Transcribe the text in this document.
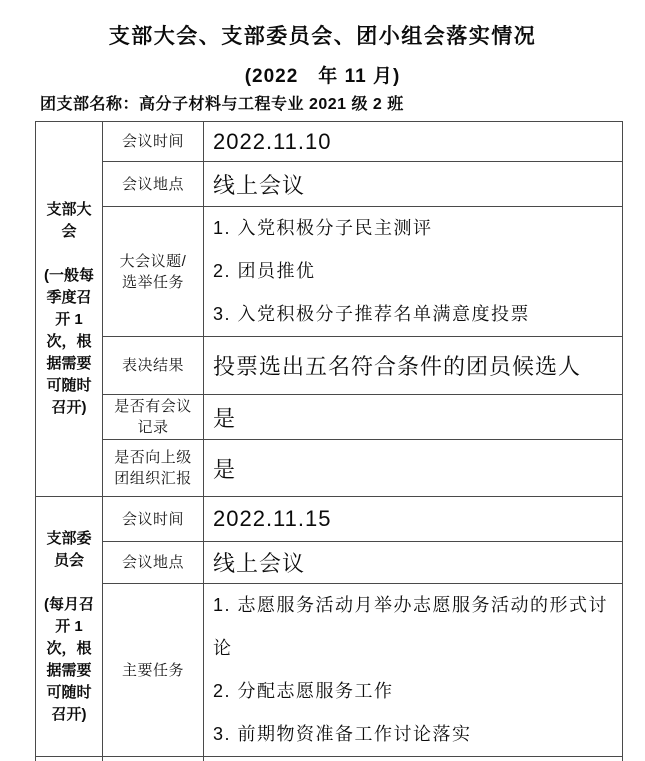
支部大会、支部委员会、团小组会落实情况
(2022　年 11 月)
团支部名称：高分子材料与工程专业 2021 级 2 班
支部大会
(一般每季度召开 1 次，根据需要可随时召开)	会议时间	2022.11.10
	会议地点	线上会议
	大会议题/选举任务	1. 入党积极分子民主测评
2. 团员推优
3. 入党积极分子推荐名单满意度投票

	表决结果	投票选出五名符合条件的团员候选人
	是否有会议记录	是
	是否向上级团组织汇报	是

支部委员会
(每月召开 1 次，根据需要可随时召开)	会议时间	2022.11.15
	会议地点	线上会议
	主要任务	1. 志愿服务活动月举办志愿服务活动的形式讨论
2. 分配志愿服务工作
3. 前期物资准备工作讨论落实
